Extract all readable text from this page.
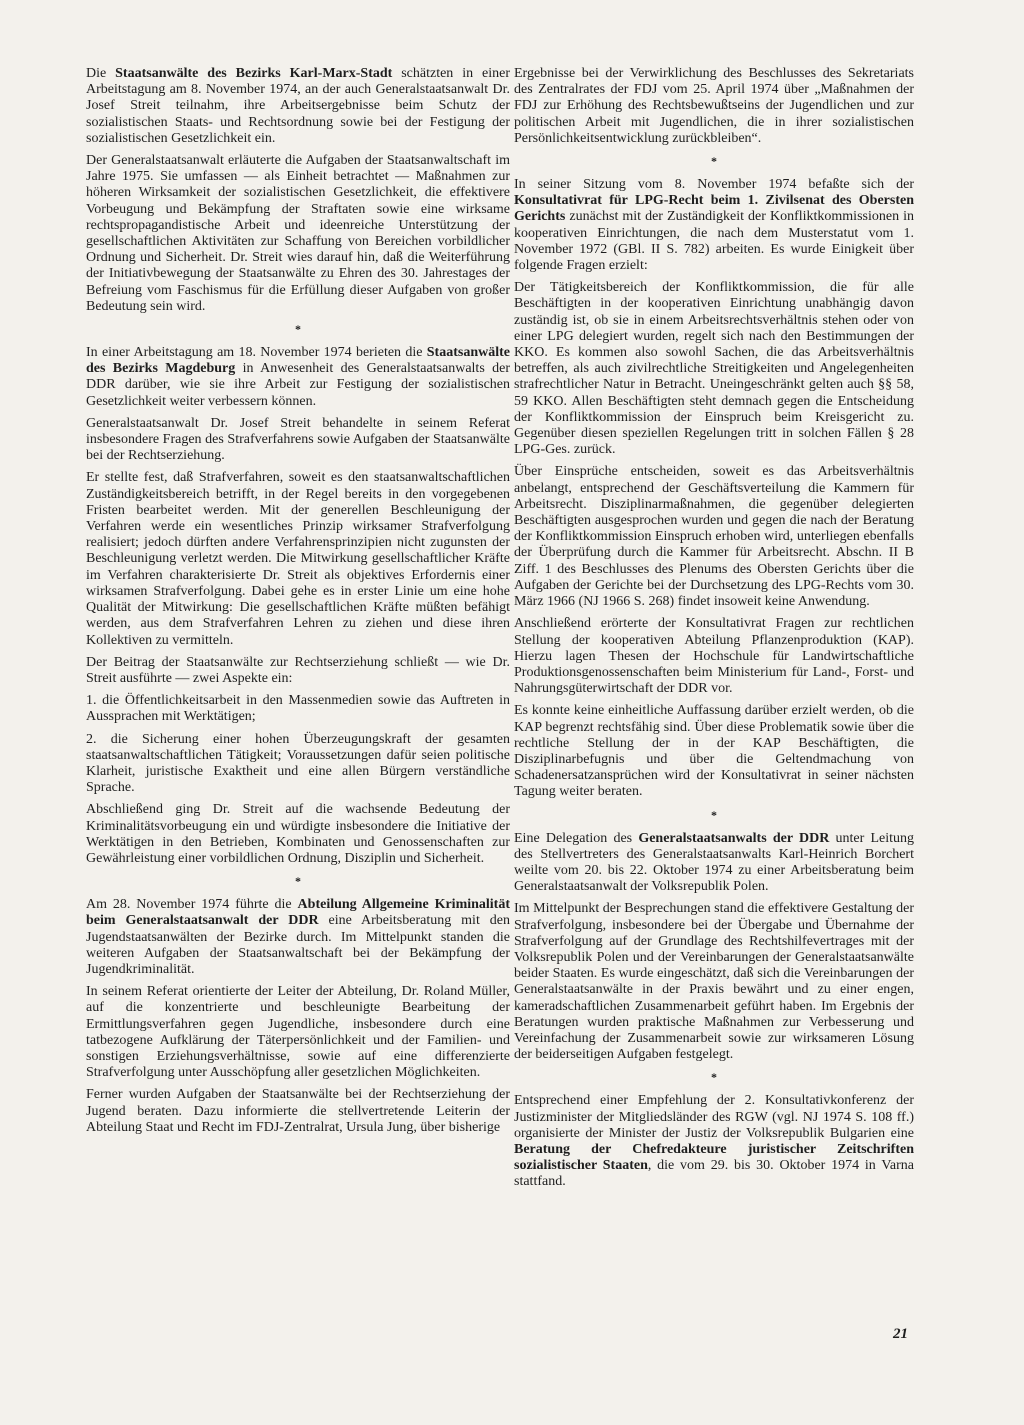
Die Staatsanwälte des Bezirks Karl-Marx-Stadt schätzten in einer Arbeitstagung am 8. November 1974, an der auch Generalstaatsanwalt Dr. Josef Streit teilnahm, ihre Arbeitsergebnisse beim Schutz der sozialistischen Staats- und Rechtsordnung sowie bei der Festigung der sozialistischen Gesetzlichkeit ein.

Der Generalstaatsanwalt erläuterte die Aufgaben der Staatsanwaltschaft im Jahre 1975. Sie umfassen — als Einheit betrachtet — Maßnahmen zur höheren Wirksamkeit der sozialistischen Gesetzlichkeit, die effektivere Vorbeugung und Bekämpfung der Straftaten sowie eine wirksame rechtspropagandistische Arbeit und ideenreiche Unterstützung der gesellschaftlichen Aktivitäten zur Schaffung von Bereichen vorbildlicher Ordnung und Sicherheit. Dr. Streit wies darauf hin, daß die Weiterführung der Initiativbewegung der Staatsanwälte zu Ehren des 30. Jahrestages der Befreiung vom Faschismus für die Erfüllung dieser Aufgaben von großer Bedeutung sein wird.

*

In einer Arbeitstagung am 18. November 1974 berieten die Staatsanwälte des Bezirks Magdeburg in Anwesenheit des Generalstaatsanwalts der DDR darüber, wie sie ihre Arbeit zur Festigung der sozialistischen Gesetzlichkeit weiter verbessern können.

Generalstaatsanwalt Dr. Josef Streit behandelte in seinem Referat insbesondere Fragen des Strafverfahrens sowie Aufgaben der Staatsanwälte bei der Rechtserziehung.

Er stellte fest, daß Strafverfahren, soweit es den staatsanwaltschaftlichen Zuständigkeitsbereich betrifft, in der Regel bereits in den vorgegebenen Fristen bearbeitet werden. Mit der generellen Beschleunigung der Verfahren werde ein wesentliches Prinzip wirksamer Strafverfolgung realisiert; jedoch dürften andere Verfahrensprinzipien nicht zugunsten der Beschleunigung verletzt werden. Die Mitwirkung gesellschaftlicher Kräfte im Verfahren charakterisierte Dr. Streit als objektives Erfordernis einer wirksamen Strafverfolgung. Dabei gehe es in erster Linie um eine hohe Qualität der Mitwirkung: Die gesellschaftlichen Kräfte müßten befähigt werden, aus dem Strafverfahren Lehren zu ziehen und diese ihren Kollektiven zu vermitteln.

Der Beitrag der Staatsanwälte zur Rechtserziehung schließt — wie Dr. Streit ausführte — zwei Aspekte ein:

1. die Öffentlichkeitsarbeit in den Massenmedien sowie das Auftreten in Aussprachen mit Werktätigen;

2. die Sicherung einer hohen Überzeugungskraft der gesamten staatsanwaltschaftlichen Tätigkeit; Voraussetzungen dafür seien politische Klarheit, juristische Exaktheit und eine allen Bürgern verständliche Sprache.

Abschließend ging Dr. Streit auf die wachsende Bedeutung der Kriminalitätsvorbeugung ein und würdigte insbesondere die Initiative der Werktätigen in den Betrieben, Kombinaten und Genossenschaften zur Gewährleistung einer vorbildlichen Ordnung, Disziplin und Sicherheit.

*

Am 28. November 1974 führte die Abteilung Allgemeine Kriminalität beim Generalstaatsanwalt der DDR eine Arbeitsberatung mit den Jugendstaatsanwälten der Bezirke durch. Im Mittelpunkt standen die weiteren Aufgaben der Staatsanwaltschaft bei der Bekämpfung der Jugendkriminalität.

In seinem Referat orientierte der Leiter der Abteilung, Dr. Roland Müller, auf die konzentrierte und beschleunigte Bearbeitung der Ermittlungsverfahren gegen Jugendliche, insbesondere durch eine tatbezogene Aufklärung der Täterpersönlichkeit und der Familien- und sonstigen Erziehungsverhältnisse, sowie auf eine differenzierte Strafverfolgung unter Ausschöpfung aller gesetzlichen Möglichkeiten.

Ferner wurden Aufgaben der Staatsanwälte bei der Rechtserziehung der Jugend beraten. Dazu informierte die stellvertretende Leiterin der Abteilung Staat und Recht im FDJ-Zentralrat, Ursula Jung, über bisherige

Ergebnisse bei der Verwirklichung des Beschlusses des Sekretariats des Zentralrates der FDJ vom 25. April 1974 über „Maßnahmen der FDJ zur Erhöhung des Rechtsbewußtseins der Jugendlichen und zur politischen Arbeit mit Jugendlichen, die in ihrer sozialistischen Persönlichkeitsentwicklung zurückbleiben“.

*

In seiner Sitzung vom 8. November 1974 befaßte sich der Konsultativrat für LPG-Recht beim 1. Zivilsenat des Obersten Gerichts zunächst mit der Zuständigkeit der Konfliktkommissionen in kooperativen Einrichtungen, die nach dem Musterstatut vom 1. November 1972 (GBl. II S. 782) arbeiten. Es wurde Einigkeit über folgende Fragen erzielt:

Der Tätigkeitsbereich der Konfliktkommission, die für alle Beschäftigten in der kooperativen Einrichtung unabhängig davon zuständig ist, ob sie in einem Arbeitsrechtsverhältnis stehen oder von einer LPG delegiert wurden, regelt sich nach den Bestimmungen der KKO. Es kommen also sowohl Sachen, die das Arbeitsverhältnis betreffen, als auch zivilrechtliche Streitigkeiten und Angelegenheiten strafrechtlicher Natur in Betracht. Uneingeschränkt gelten auch §§ 58, 59 KKO. Allen Beschäftigten steht demnach gegen die Entscheidung der Konfliktkommission der Einspruch beim Kreisgericht zu. Gegenüber diesen speziellen Regelungen tritt in solchen Fällen § 28 LPG-Ges. zurück.

Über Einsprüche entscheiden, soweit es das Arbeitsverhältnis anbelangt, entsprechend der Geschäftsverteilung die Kammern für Arbeitsrecht. Disziplinarmaßnahmen, die gegenüber delegierten Beschäftigten ausgesprochen wurden und gegen die nach der Beratung der Konfliktkommission Einspruch erhoben wird, unterliegen ebenfalls der Überprüfung durch die Kammer für Arbeitsrecht. Abschn. II B Ziff. 1 des Beschlusses des Plenums des Obersten Gerichts über die Aufgaben der Gerichte bei der Durchsetzung des LPG-Rechts vom 30. März 1966 (NJ 1966 S. 268) findet insoweit keine Anwendung.

Anschließend erörterte der Konsultativrat Fragen zur rechtlichen Stellung der kooperativen Abteilung Pflanzenproduktion (KAP). Hierzu lagen Thesen der Hochschule für Landwirtschaftliche Produktionsgenossenschaften beim Ministerium für Land-, Forst- und Nahrungsgüterwirtschaft der DDR vor.

Es konnte keine einheitliche Auffassung darüber erzielt werden, ob die KAP begrenzt rechtsfähig sind. Über diese Problematik sowie über die rechtliche Stellung der in der KAP Beschäftigten, die Disziplinarbefugnis und über die Geltendmachung von Schadenersatzansprüchen wird der Konsultativrat in seiner nächsten Tagung weiter beraten.

*

Eine Delegation des Generalstaatsanwalts der DDR unter Leitung des Stellvertreters des Generalstaatsanwalts Karl-Heinrich Borchert weilte vom 20. bis 22. Oktober 1974 zu einer Arbeitsberatung beim Generalstaatsanwalt der Volksrepublik Polen.

Im Mittelpunkt der Besprechungen stand die effektivere Gestaltung der Strafverfolgung, insbesondere bei der Übergabe und Übernahme der Strafverfolgung auf der Grundlage des Rechtshilfevertrages mit der Volksrepublik Polen und der Vereinbarungen der Generalstaatsanwälte beider Staaten. Es wurde eingeschätzt, daß sich die Vereinbarungen der Generalstaatsanwälte in der Praxis bewährt und zu einer engen, kameradschaftlichen Zusammenarbeit geführt haben. Im Ergebnis der Beratungen wurden praktische Maßnahmen zur Verbesserung und Vereinfachung der Zusammenarbeit sowie zur wirksameren Lösung der beiderseitigen Aufgaben festgelegt.

*

Entsprechend einer Empfehlung der 2. Konsultativkonferenz der Justizminister der Mitgliedsländer des RGW (vgl. NJ 1974 S. 108 ff.) organisierte der Minister der Justiz der Volksrepublik Bulgarien eine Beratung der Chefredakteure juristischer Zeitschriften sozialistischer Staaten, die vom 29. bis 30. Oktober 1974 in Varna stattfand.

21
